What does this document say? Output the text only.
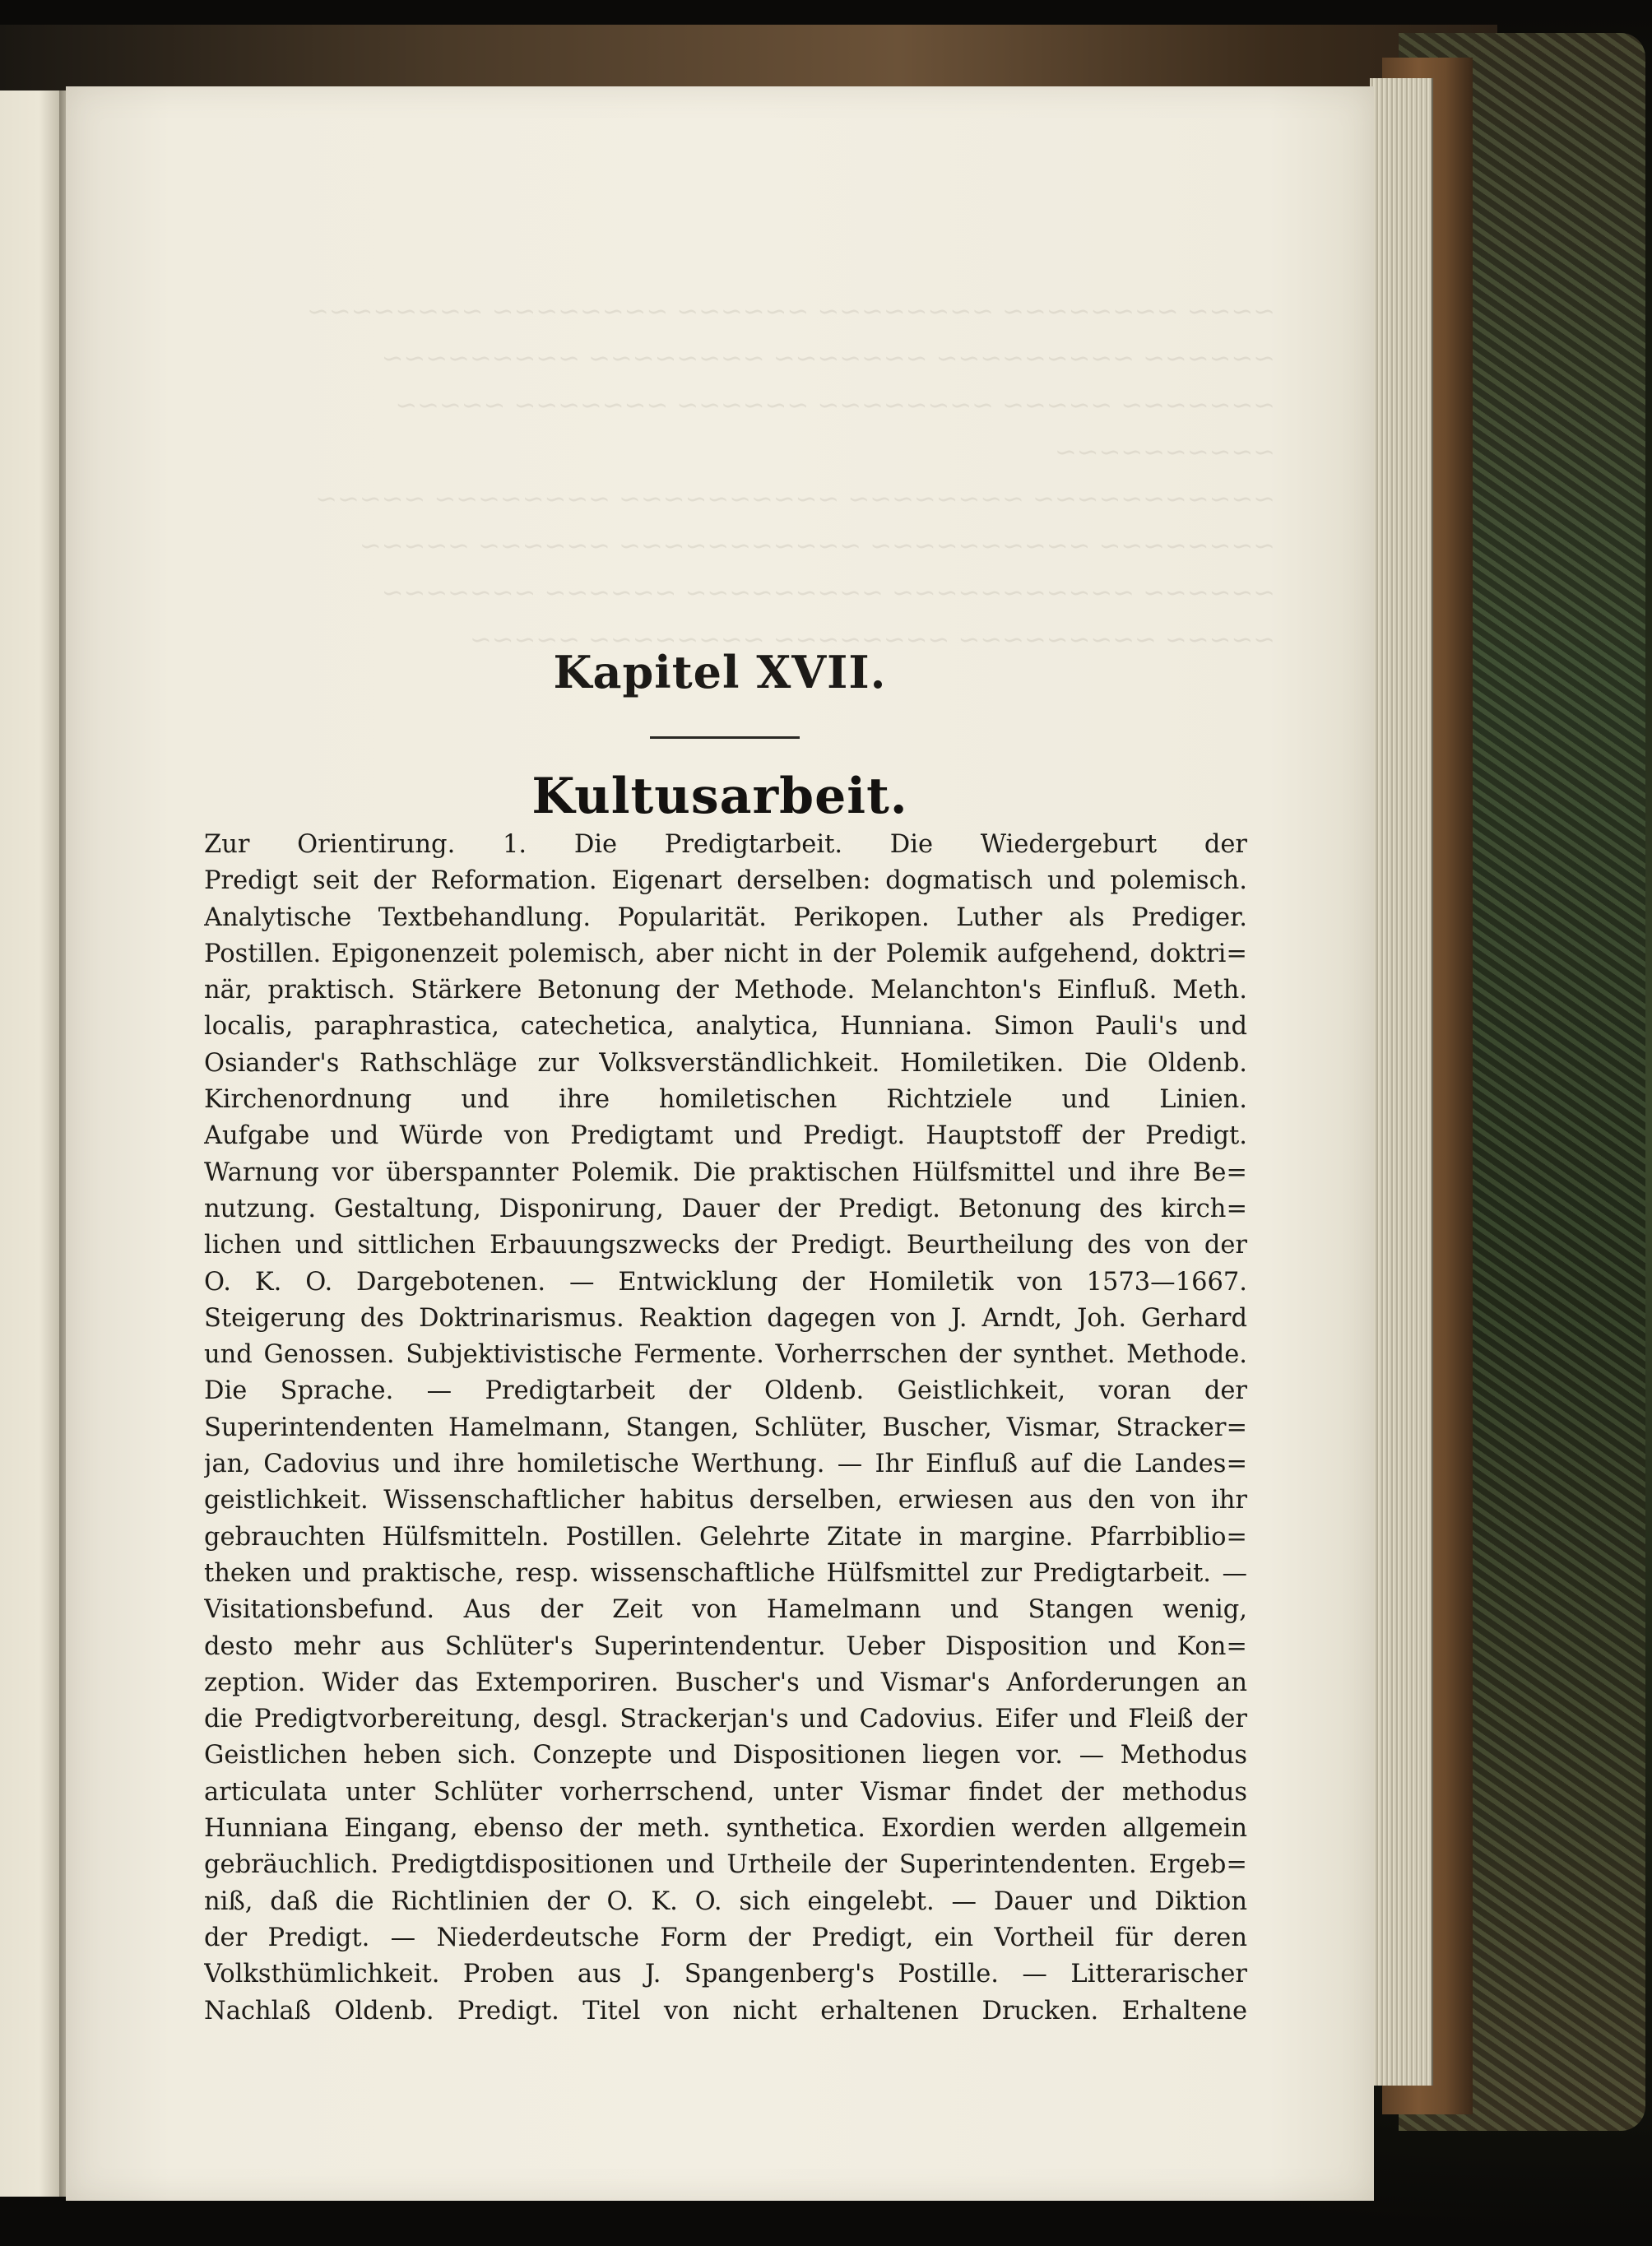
~~~~ ~~~~~~~~ ~~~~~~~~ ~~~~~~ ~~~~~~~~ ~~~~~~~~
~~~~~~ ~~~~~~~~~ ~~~~~~~ ~~~~~~~~ ~~~~~~~~~
~~~~~~~ ~~~~~ ~~~~~~~~ ~~~~~~ ~~~~~~~ ~~~~~
~~~~~~~~~~
~~~~~~~~~~~ ~~~~~~~~ ~~~~~~~~~~ ~~~~~~~~ ~~~~~
~~~~~~~~ ~~~~~~~~~~ ~~~~~~~~~~~ ~~~~~~ ~~~~~
~~~~~~ ~~~~~~~~~~~ ~~~~~~~~~ ~~~~~~ ~~~~~~~
~~~~~ ~~~~~~~~~ ~~~~~~~~ ~~~~~~~~ ~~~~~
Kapitel XVII.
Kultusarbeit.
Zur Orientirung. 1. Die Predigtarbeit. Die Wiedergeburt der
Predigt seit der Reformation. Eigenart derselben: dogmatisch und polemisch.
Analytische Textbehandlung. Popularität. Perikopen. Luther als Prediger.
Postillen. Epigonenzeit polemisch, aber nicht in der Polemik aufgehend, doktri=
när, praktisch. Stärkere Betonung der Methode. Melanchton's Einfluß. Meth.
localis, paraphrastica, catechetica, analytica, Hunniana. Simon Pauli's und
Osiander's Rathschläge zur Volksverständlichkeit. Homiletiken. Die Oldenb.
Kirchenordnung und ihre homiletischen Richtziele und Linien.
Aufgabe und Würde von Predigtamt und Predigt. Hauptstoff der Predigt.
Warnung vor überspannter Polemik. Die praktischen Hülfsmittel und ihre Be=
nutzung. Gestaltung, Disponirung, Dauer der Predigt. Betonung des kirch=
lichen und sittlichen Erbauungszwecks der Predigt. Beurtheilung des von der
O. K. O. Dargebotenen. — Entwicklung der Homiletik von 1573—1667.
Steigerung des Doktrinarismus. Reaktion dagegen von J. Arndt, Joh. Gerhard
und Genossen. Subjektivistische Fermente. Vorherrschen der synthet. Methode.
Die Sprache. — Predigtarbeit der Oldenb. Geistlichkeit, voran der
Superintendenten Hamelmann, Stangen, Schlüter, Buscher, Vismar, Stracker=
jan, Cadovius und ihre homiletische Werthung. — Ihr Einfluß auf die Landes=
geistlichkeit. Wissenschaftlicher habitus derselben, erwiesen aus den von ihr
gebrauchten Hülfsmitteln. Postillen. Gelehrte Zitate in margine. Pfarrbiblio=
theken und praktische, resp. wissenschaftliche Hülfsmittel zur Predigtarbeit. —
Visitationsbefund. Aus der Zeit von Hamelmann und Stangen wenig,
desto mehr aus Schlüter's Superintendentur. Ueber Disposition und Kon=
zeption. Wider das Extemporiren. Buscher's und Vismar's Anforderungen an
die Predigtvorbereitung, desgl. Strackerjan's und Cadovius. Eifer und Fleiß der
Geistlichen heben sich. Conzepte und Dispositionen liegen vor. — Methodus
articulata unter Schlüter vorherrschend, unter Vismar findet der methodus
Hunniana Eingang, ebenso der meth. synthetica. Exordien werden allgemein
gebräuchlich. Predigtdispositionen und Urtheile der Superintendenten. Ergeb=
niß, daß die Richtlinien der O. K. O. sich eingelebt. — Dauer und Diktion
der Predigt. — Niederdeutsche Form der Predigt, ein Vortheil für deren
Volksthümlichkeit. Proben aus J. Spangenberg's Postille. — Litterarischer
Nachlaß Oldenb. Predigt. Titel von nicht erhaltenen Drucken. Erhaltene
